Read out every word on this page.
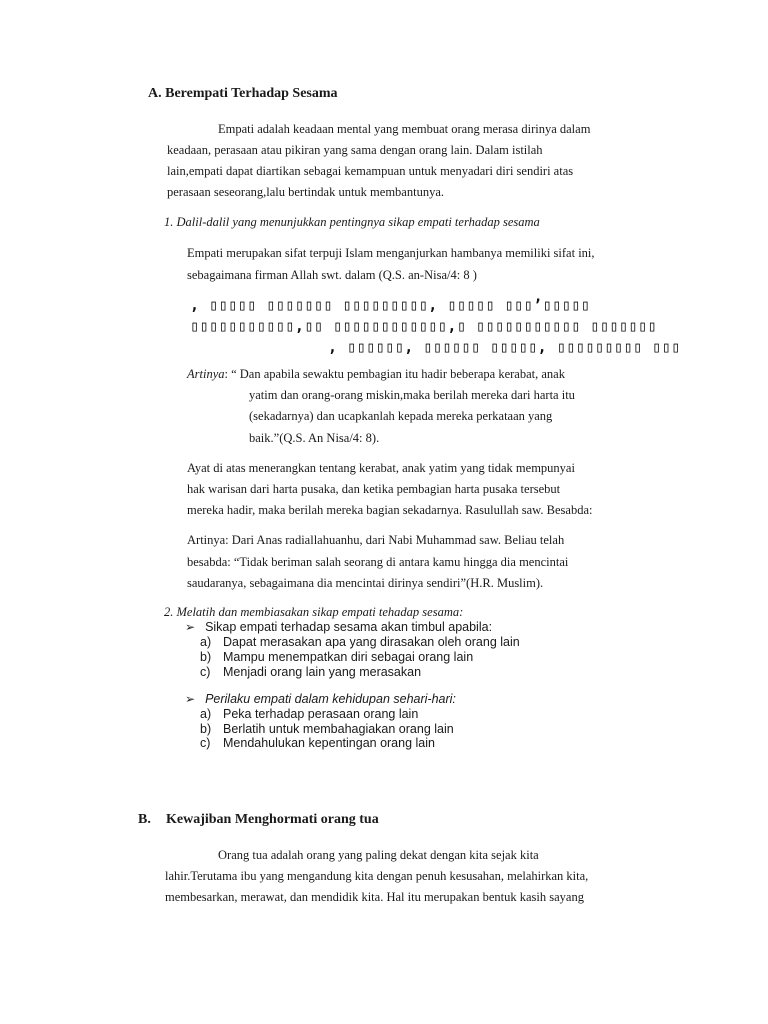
A. Berempati Terhadap Sesama
Empati adalah keadaan mental yang membuat orang merasa dirinya dalam
keadaan, perasaan atau pikiran yang sama dengan orang lain. Dalam istilah
lain,empati dapat diartikan sebagai kemampuan untuk menyadari diri sendiri atas
perasaan seseorang,lalu bertindak untuk membantunya.
1. Dalil-dalil yang menunjukkan pentingnya sikap empati terhadap sesama
Empati merupakan sifat terpuji Islam menganjurkan hambanya memiliki sifat ini,
sebagaimana firman Allah swt. dalam (Q.S. an-Nisa/4: 8 )
‚ ▯▯▯▯▯ ▯▯▯▯▯▯▯ ▯▯▯▯▯▯▯▯▯‚ ▯▯▯▯▯ ▯▯▯’▯▯▯▯▯
▯▯▯▯▯▯▯▯▯▯▯‚▯▯ ▯▯▯▯▯▯▯▯▯▯▯▯‚▯ ▯▯▯▯▯▯▯▯▯▯▯ ▯▯▯▯▯▯▯
‚ ▯▯▯▯▯▯‚ ▯▯▯▯▯▯ ▯▯▯▯▯‚ ▯▯▯▯▯▯▯▯▯ ▯▯▯
Artinya: “ Dan apabila sewaktu pembagian itu hadir beberapa kerabat, anak
yatim dan orang-orang miskin,maka berilah mereka dari harta itu
(sekadarnya) dan ucapkanlah kepada mereka perkataan yang
baik.”(Q.S. An Nisa/4: 8).
Ayat di atas menerangkan tentang kerabat, anak yatim yang tidak mempunyai
hak warisan dari harta pusaka, dan ketika pembagian harta pusaka tersebut
mereka hadir, maka berilah mereka bagian sekadarnya. Rasulullah saw. Besabda:
Artinya: Dari Anas radiallahuanhu, dari Nabi Muhammad saw. Beliau telah
besabda: “Tidak beriman salah seorang di antara kamu hingga dia mencintai
saudaranya, sebagaimana dia mencintai dirinya sendiri”(H.R. Muslim).
2. Melatih dan membiasakan sikap empati tehadap sesama:
➢ Sikap empati terhadap sesama akan timbul apabila:
a) Dapat merasakan apa yang dirasakan oleh orang lain
b) Mampu menempatkan diri sebagai orang lain
c) Menjadi orang lain yang merasakan
➢ Perilaku empati dalam kehidupan sehari-hari:
a) Peka terhadap perasaan orang lain
b) Berlatih untuk membahagiakan orang lain
c) Mendahulukan kepentingan orang lain
B. Kewajiban Menghormati orang tua
Orang tua adalah orang yang paling dekat dengan kita sejak kita
lahir.Terutama ibu yang mengandung kita dengan penuh kesusahan, melahirkan kita,
membesarkan, merawat, dan mendidik kita. Hal itu merupakan bentuk kasih sayang
